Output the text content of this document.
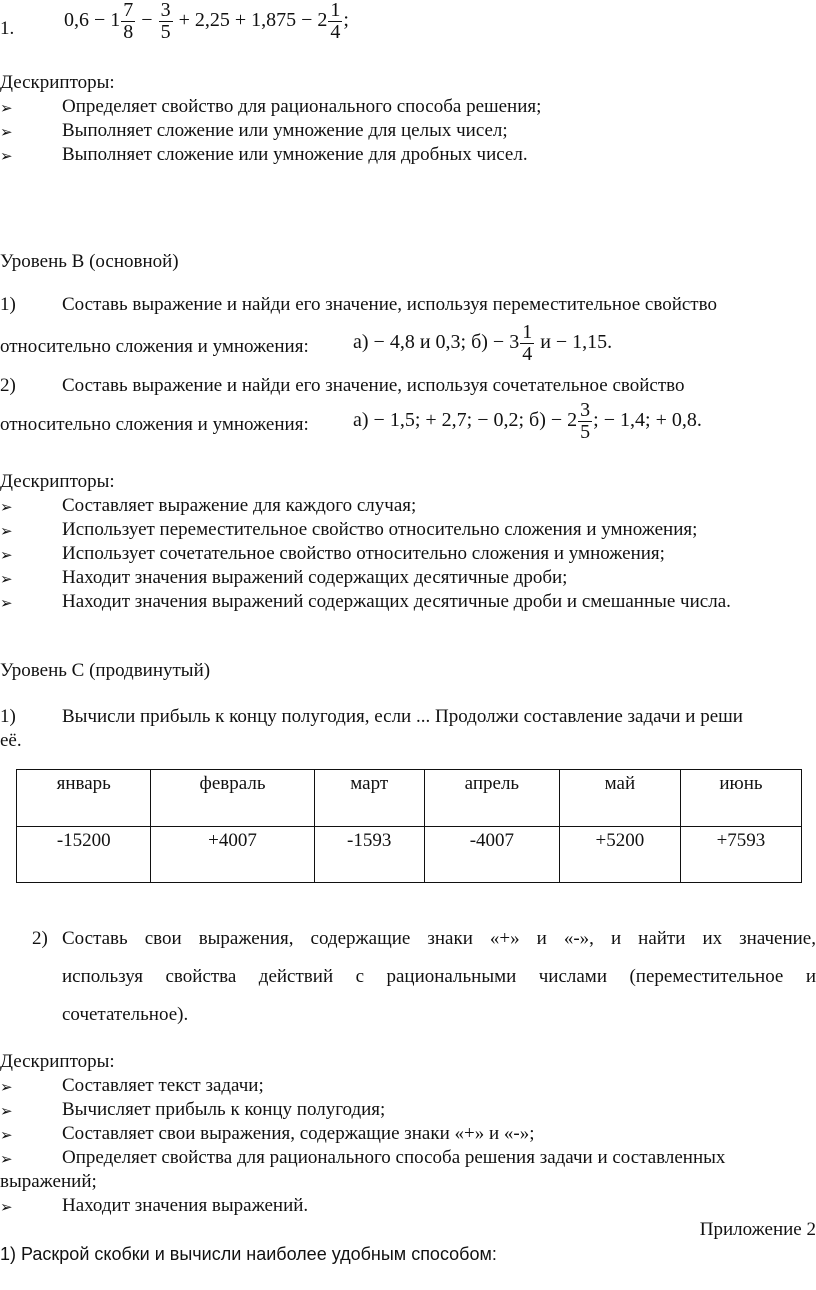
1. $0,6 - 1 \frac{7}{8} - \frac{3}{5} + 2,25 + 1,875 - 2 \frac{1}{4}$ ;
Дескрипторы:
➢	Определяет свойство для рационального способа решения;
➢	Выполняет сложение или умножение для целых чисел;
➢	Выполняет сложение или умножение для дробных чисел.
Уровень В (основной)
1) Составь выражение и найди его значение, используя переместительное свойство
относительно сложения и умножения: а) − 4,8 и 0,3; $б) - 3 \frac{1}{4}$ и − 1,15.
2) Составь выражение и найди его значение, используя сочетательное свойство
относительно сложения и умножения: а) − 1,5; + 2,7; − 0,2; $б) - 2 \frac{3}{5}$ ; − 1,4; + 0,8.
Дескрипторы:
➢	Составляет выражение для каждого случая;
➢	Использует переместительное свойство относительно сложения и умножения;
➢	Использует сочетательное свойство относительно сложения и умножения;
➢	Находит значения выражений содержащих десятичные дроби;
➢	Находит значения выражений содержащих десятичные дроби и смешанные числа.
Уровень С (продвинутый)
1) Вычисли прибыль к концу полугодия, если ... Продолжи составление задачи и реши
её.
январь	февраль	март	апрель	май	июнь
-15200	+4007	-1593	-4007	+5200	+7593
2) Составь свои выражения, содержащие знаки «+» и «-», и найти их значение,
используя свойства действий с рациональными числами (переместительное и
сочетательное).
Дескрипторы:
➢	Составляет текст задачи;
➢	Вычисляет прибыль к концу полугодия;
➢	Составляет свои выражения, содержащие знаки «+» и «-»;
➢	Определяет свойства для рационального способа решения задачи и составленных
выражений;
➢	Находит значения выражений.
Приложение 2
1) Раскрой скобки и вычисли наиболее удобным способом:
